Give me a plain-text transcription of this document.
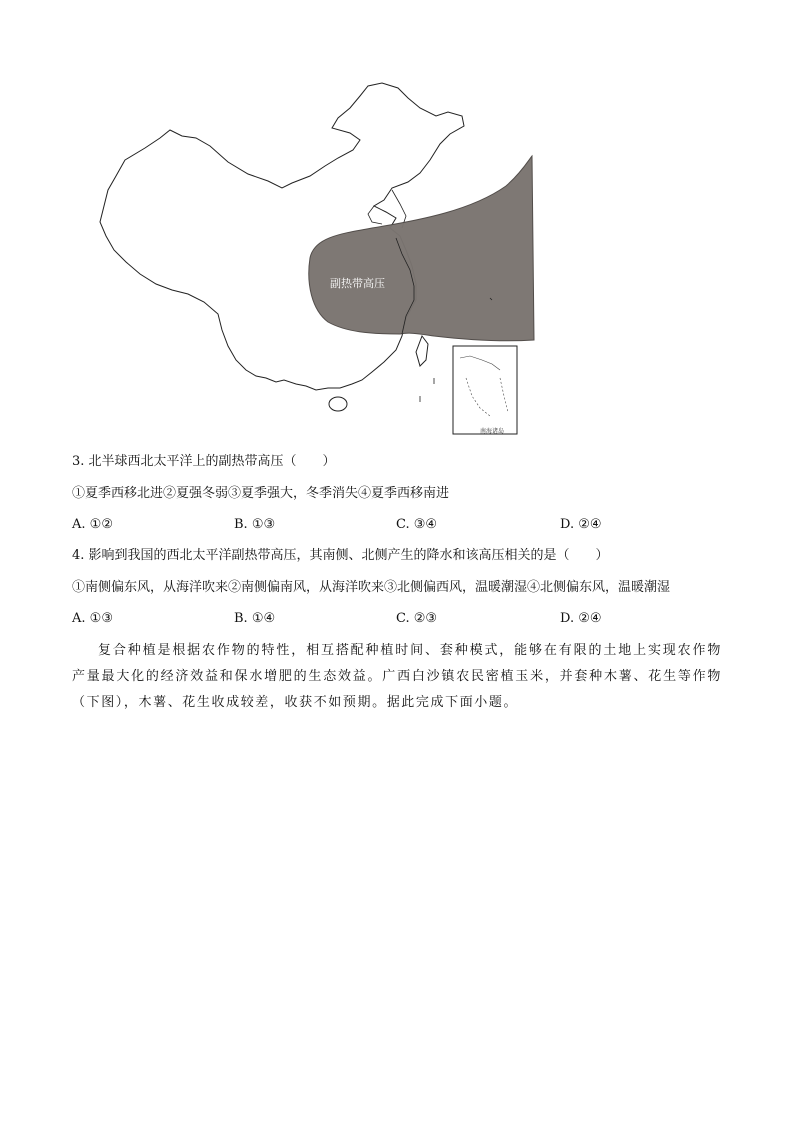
副热带高压
南海诸岛
3. 北半球西北太平洋上的副热带高压（　　）
①夏季西移北进②夏强冬弱③夏季强大，冬季消失④夏季西移南进
A. ①②	B. ①③	C. ③④	D. ②④
4. 影响到我国的西北太平洋副热带高压，其南侧、北侧产生的降水和该高压相关的是（　　）
①南侧偏东风，从海洋吹来②南侧偏南风，从海洋吹来③北侧偏西风，温暖潮湿④北侧偏东风，温暖潮湿
A. ①③	B. ①④	C. ②③	D. ②④
复合种植是根据农作物的特性，相互搭配种植时间、套种模式，能够在有限的土地上实现农作物产量最大化的经济效益和保水增肥的生态效益。广西白沙镇农民密植玉米，并套种木薯、花生等作物（下图），木薯、花生收成较差，收获不如预期。据此完成下面小题。
